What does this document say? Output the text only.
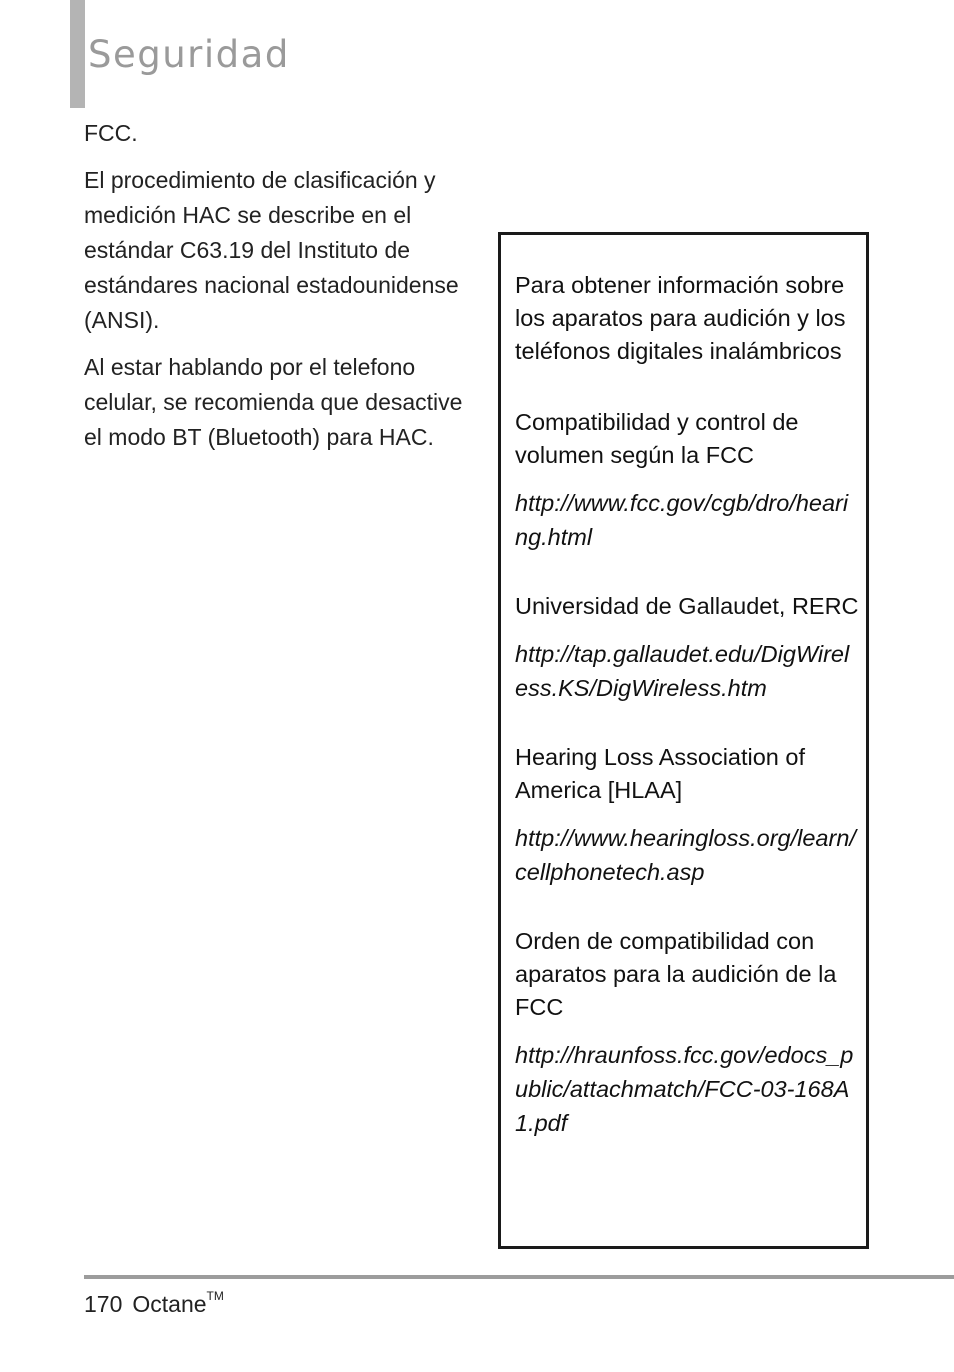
Seguridad

FCC.

El procedimiento de clasificación y medición HAC se describe en el estándar C63.19 del Instituto de estándares nacional estadounidense (ANSI).

Al estar hablando por el telefono celular, se recomienda que desactive el modo BT (Bluetooth) para HAC.

Para obtener información sobre los aparatos para audición y los teléfonos digitales inalámbricos

Compatibilidad y control de volumen según la FCC

http://www.fcc.gov/cgb/dro/hearing.html

Universidad de Gallaudet, RERC

http://tap.gallaudet.edu/DigWireless.KS/DigWireless.htm

Hearing Loss Association of America [HLAA]

http://www.hearingloss.org/learn/cellphonetech.asp

Orden de compatibilidad con aparatos para la audición de la FCC

http://hraunfoss.fcc.gov/edocs_public/attachmatch/FCC-03-168A1.pdf

170 Octane™
